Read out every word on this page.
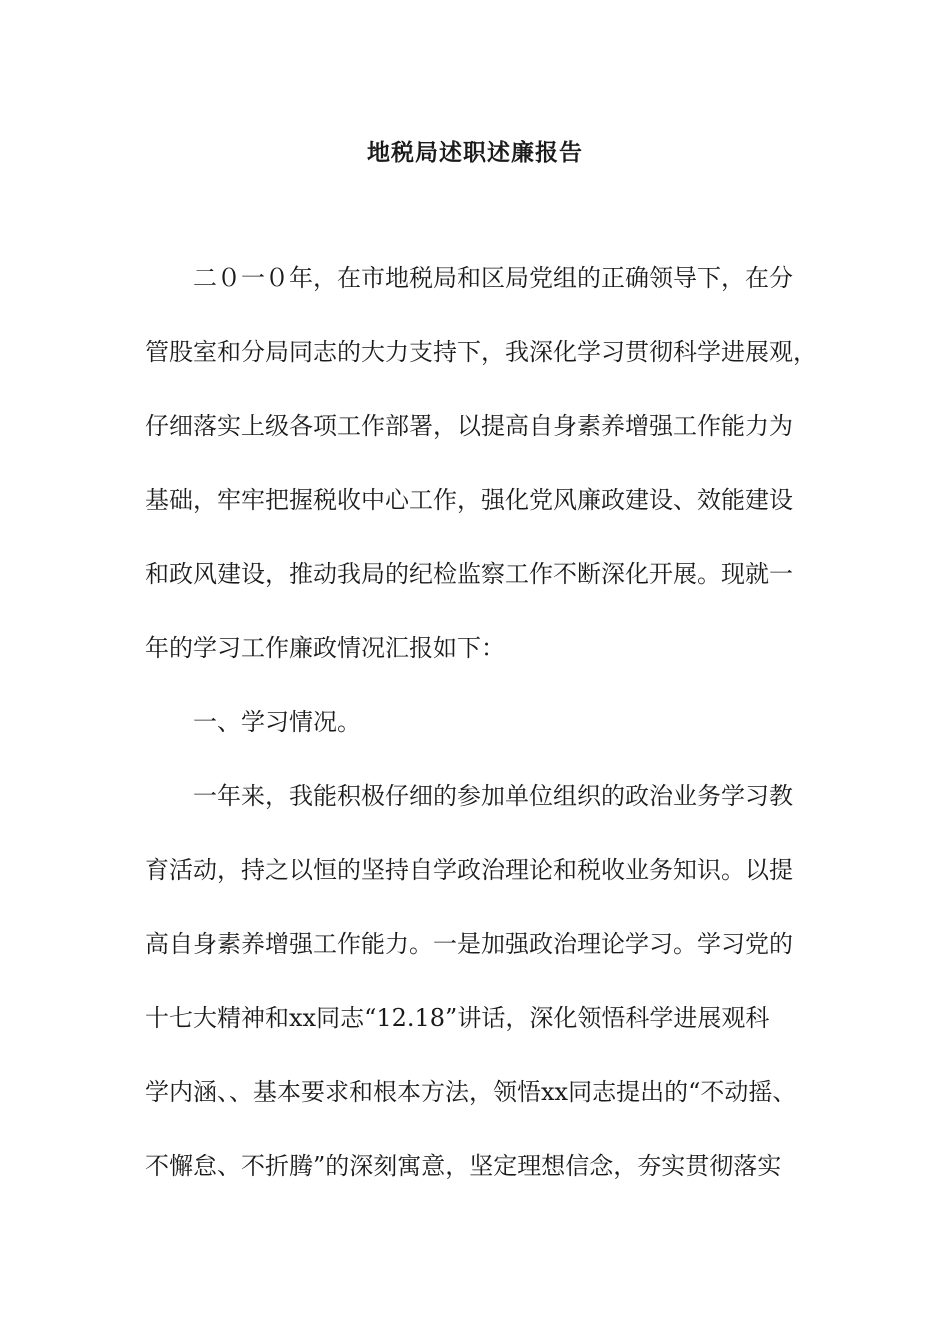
地税局述职述廉报告
二０一０年，在市地税局和区局党组的正确领导下，在分
管股室和分局同志的大力支持下，我深化学习贯彻科学进展观，
仔细落实上级各项工作部署，以提高自身素养增强工作能力为
基础，牢牢把握税收中心工作，强化党风廉政建设、效能建设
和政风建设，推动我局的纪检监察工作不断深化开展。现就一
年的学习工作廉政情况汇报如下：
一、学习情况。
一年来，我能积极仔细的参加单位组织的政治业务学习教
育活动，持之以恒的坚持自学政治理论和税收业务知识。以提
高自身素养增强工作能力。一是加强政治理论学习。学习党的
十七大精神和xx同志“12.18”讲话，深化领悟科学进展观科
学内涵、、基本要求和根本方法，领悟xx同志提出的“不动摇、
不懈怠、不折腾”的深刻寓意，坚定理想信念，夯实贯彻落实
